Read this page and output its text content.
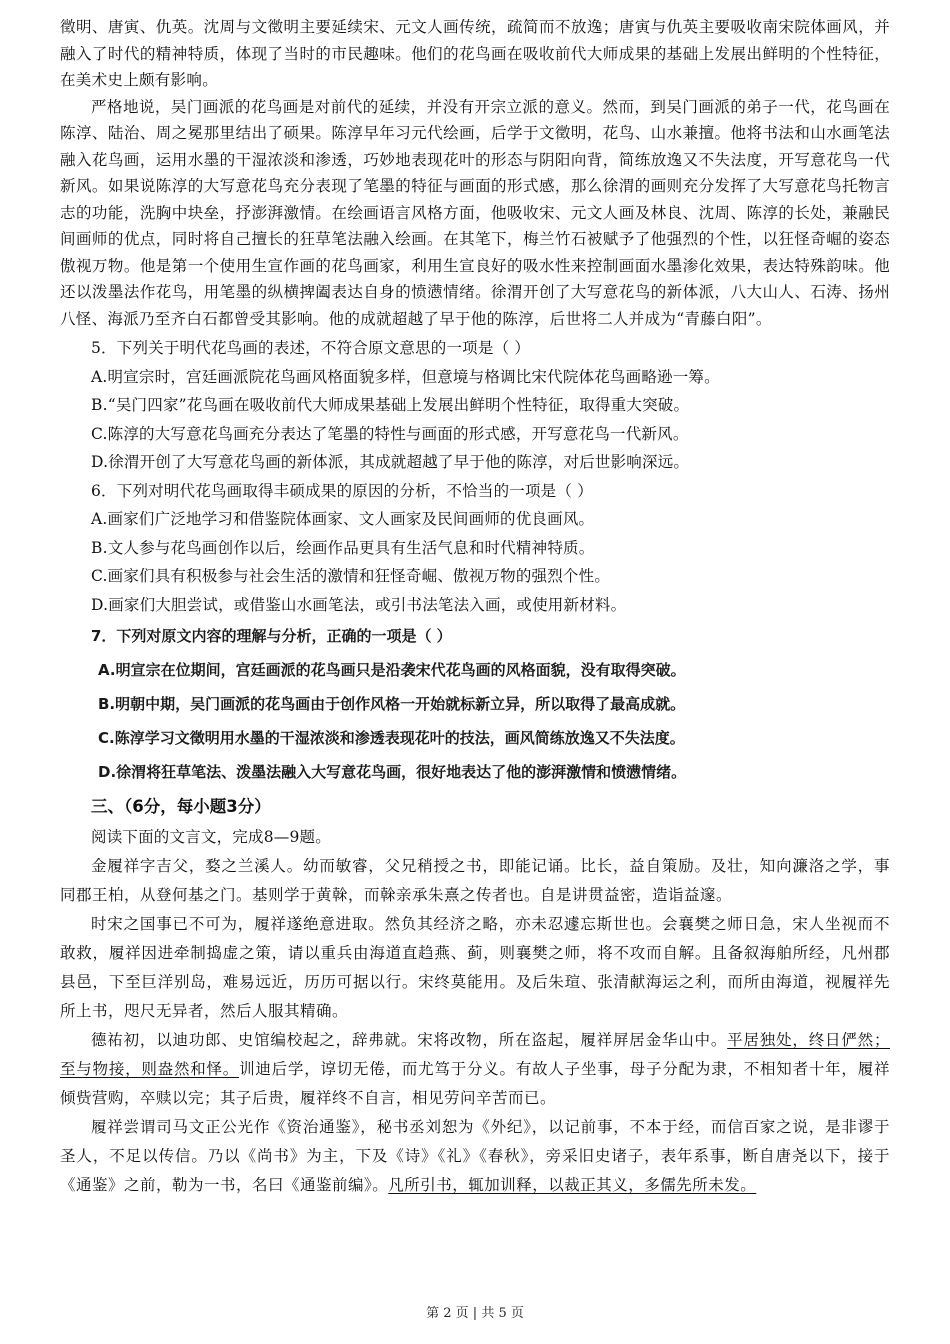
徵明、唐寅、仇英。沈周与文徵明主要延续宋、元文人画传统，疏简而不放逸；唐寅与仇英主要吸收南宋院体画风，并融入了时代的精神特质，体现了当时的市民趣味。他们的花鸟画在吸收前代大师成果的基础上发展出鲜明的个性特征，在美术史上颇有影响。

严格地说，吴门画派的花鸟画是对前代的延续，并没有开宗立派的意义。然而，到吴门画派的弟子一代，花鸟画在陈淳、陆治、周之冕那里结出了硕果。陈淳早年习元代绘画，后学于文徵明，花鸟、山水兼擅。他将书法和山水画笔法融入花鸟画，运用水墨的干湿浓淡和渗透，巧妙地表现花叶的形态与阴阳向背，简练放逸又不失法度，开写意花鸟一代新风。如果说陈淳的大写意花鸟充分表现了笔墨的特征与画面的形式感，那么徐渭的画则充分发挥了大写意花鸟托物言志的功能，洗胸中块垒，抒澎湃激情。在绘画语言风格方面，他吸收宋、元文人画及林良、沈周、陈淳的长处，兼融民间画师的优点，同时将自己擅长的狂草笔法融入绘画。在其笔下，梅兰竹石被赋予了他强烈的个性，以狂怪奇崛的姿态傲视万物。他是第一个使用生宣作画的花鸟画家，利用生宣良好的吸水性来控制画面水墨渗化效果，表达特殊韵味。他还以泼墨法作花鸟，用笔墨的纵横捭阖表达自身的愤懑情绪。徐渭开创了大写意花鸟的新体派，八大山人、石涛、扬州八怪、海派乃至齐白石都曾受其影响。他的成就超越了早于他的陈淳，后世将二人并成为“青藤白阳”。

5．下列关于明代花鸟画的表述，不符合原文意思的一项是（ ）

A.明宣宗时，宫廷画派院花鸟画风格面貌多样，但意境与格调比宋代院体花鸟画略逊一筹。

B.“吴门四家”花鸟画在吸收前代大师成果基础上发展出鲜明个性特征，取得重大突破。

C.陈淳的大写意花鸟画充分表达了笔墨的特性与画面的形式感，开写意花鸟一代新风。

D.徐渭开创了大写意花鸟画的新体派，其成就超越了早于他的陈淳，对后世影响深远。

6．下列对明代花鸟画取得丰硕成果的原因的分析，不恰当的一项是（ ）

A.画家们广泛地学习和借鉴院体画家、文人画家及民间画师的优良画风。

B.文人参与花鸟画创作以后，绘画作品更具有生活气息和时代精神特质。

C.画家们具有积极参与社会生活的激情和狂怪奇崛、傲视万物的强烈个性。

D.画家们大胆尝试，或借鉴山水画笔法，或引书法笔法入画，或使用新材料。

7．下列对原文内容的理解与分析，正确的一项是（ ）

A.明宣宗在位期间，宫廷画派的花鸟画只是沿袭宋代花鸟画的风格面貌，没有取得突破。

B.明朝中期，吴门画派的花鸟画由于创作风格一开始就标新立异，所以取得了最高成就。

C.陈淳学习文徵明用水墨的干湿浓淡和渗透表现花叶的技法，画风简练放逸又不失法度。

D.徐渭将狂草笔法、泼墨法融入大写意花鸟画，很好地表达了他的澎湃激情和愤懑情绪。

三、（6分，每小题3分）

阅读下面的文言文，完成8—9题。

金履祥字吉父，婺之兰溪人。幼而敏睿，父兄稍授之书，即能记诵。比长，益自策励。及壮，知向濂洛之学，事同郡王柏，从登何基之门。基则学于黄榦，而榦亲承朱熹之传者也。自是讲贯益密，造诣益邃。

时宋之国事已不可为，履祥遂绝意进取。然负其经济之略，亦未忍遽忘斯世也。会襄樊之师日急，宋人坐视而不敢救，履祥因进牵制捣虚之策，请以重兵由海道直趋燕、蓟，则襄樊之师，将不攻而自解。且备叙海舶所经，凡州郡县邑，下至巨洋别岛，难易远近，历历可据以行。宋终莫能用。及后朱瑄、张清献海运之利，而所由海道，视履祥先所上书，咫尺无异者，然后人服其精确。

德祐初，以迪功郎、史馆编校起之，辞弗就。宋将改物，所在盗起，履祥屏居金华山中。平居独处，终日俨然；至与物接，则盎然和怿。训迪后学，谆切无倦，而尤笃于分义。有故人子坐事，母子分配为隶，不相知者十年，履祥倾赀营购，卒赎以完；其子后贵，履祥终不自言，相见劳问辛苦而已。

履祥尝谓司马文正公光作《资治通鉴》，秘书丞刘恕为《外纪》，以记前事，不本于经，而信百家之说，是非谬于圣人，不足以传信。乃以《尚书》为主，下及《诗》《礼》《春秋》，旁采旧史诸子，表年系事，断自唐尧以下，接于《通鉴》之前，勒为一书，名曰《通鉴前编》。凡所引书，辄加训释，以裁正其义，多儒先所未发。

第 2 页 | 共 5 页
